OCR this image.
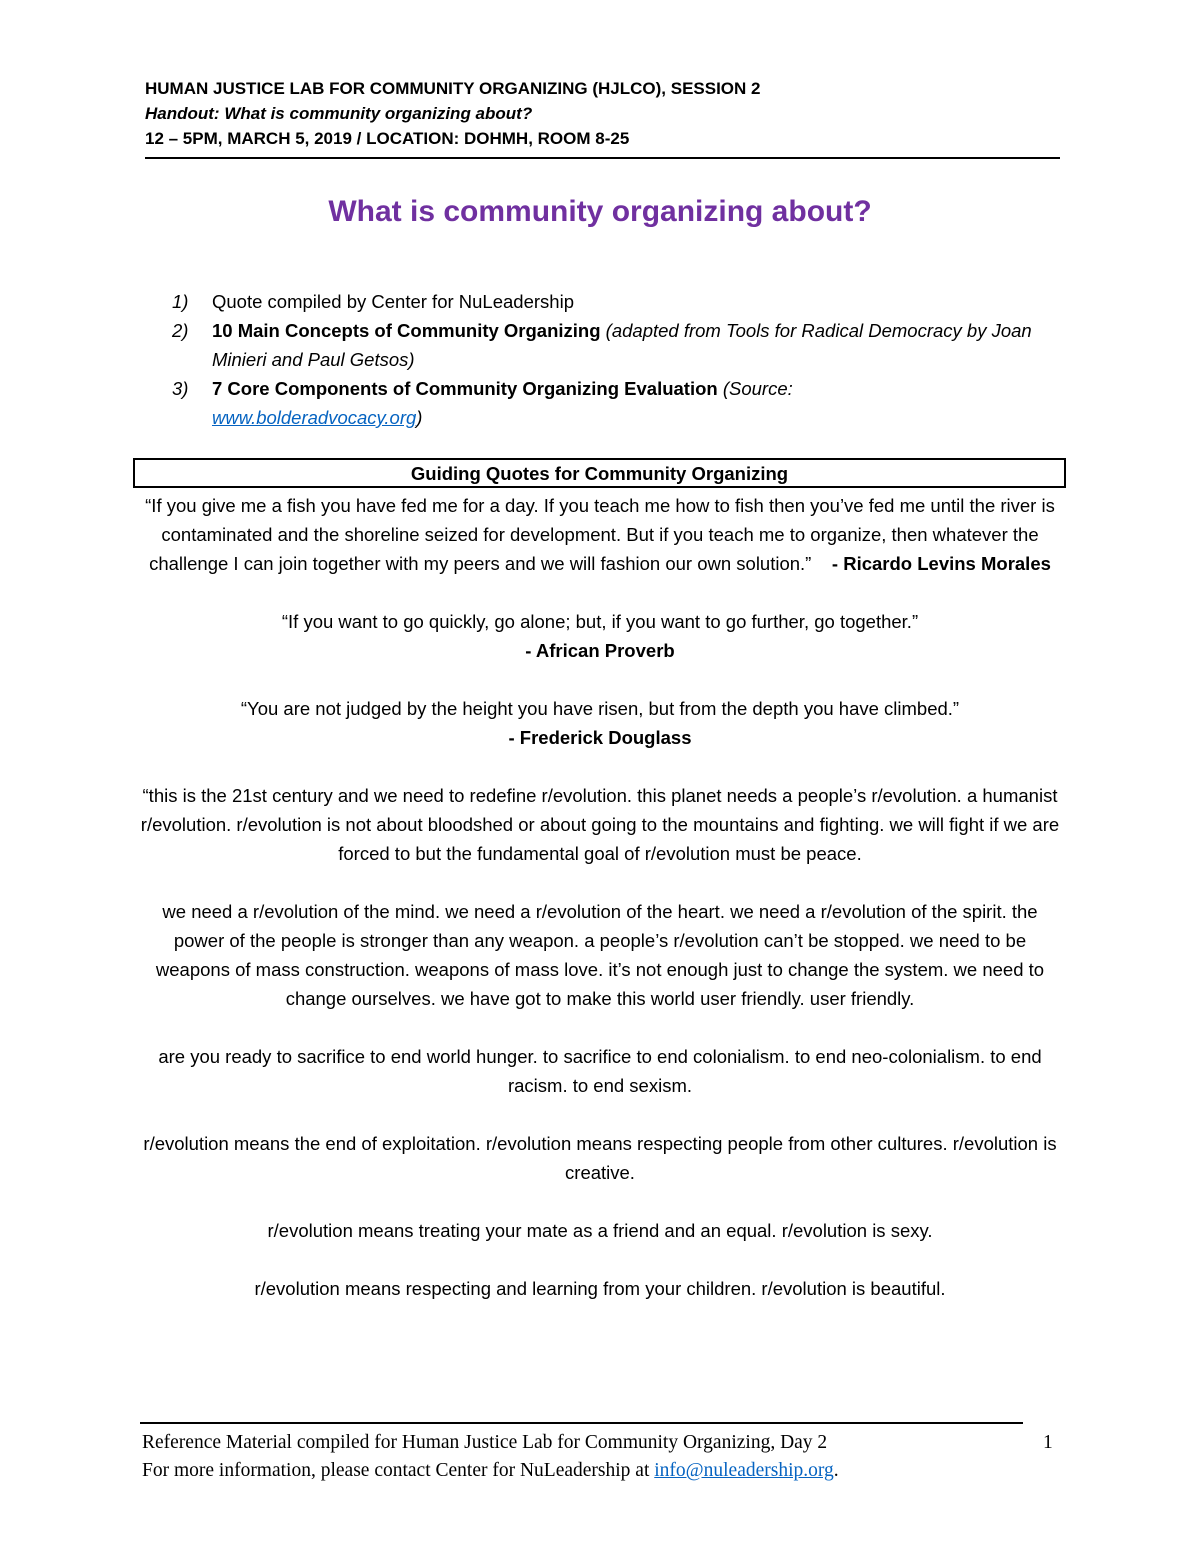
HUMAN JUSTICE LAB FOR COMMUNITY ORGANIZING (HJLCO), SESSION 2
Handout: What is community organizing about?
12 – 5PM, MARCH 5, 2019 / LOCATION: DOHMH, ROOM 8-25
What is community organizing about?
1) Quote compiled by Center for NuLeadership
2) 10 Main Concepts of Community Organizing (adapted from Tools for Radical Democracy by Joan Minieri and Paul Getsos)
3) 7 Core Components of Community Organizing Evaluation (Source:
www.bolderadvocacy.org)
Guiding Quotes for Community Organizing

“If you give me a fish you have fed me for a day. If you teach me how to fish then you’ve fed me until the river is contaminated and the shoreline seized for development. But if you teach me to organize, then whatever the challenge I can join together with my peers and we will fashion our own solution.” - Ricardo Levins Morales

“If you want to go quickly, go alone; but, if you want to go further, go together.”
- African Proverb

“You are not judged by the height you have risen, but from the depth you have climbed.”
- Frederick Douglass

“this is the 21st century and we need to redefine r/evolution. this planet needs a people’s r/evolution. a humanist r/evolution. r/evolution is not about bloodshed or about going to the mountains and fighting. we will fight if we are forced to but the fundamental goal of r/evolution must be peace.

we need a r/evolution of the mind. we need a r/evolution of the heart. we need a r/evolution of the spirit. the power of the people is stronger than any weapon. a people’s r/evolution can’t be stopped. we need to be weapons of mass construction. weapons of mass love. it’s not enough just to change the system. we need to change ourselves. we have got to make this world user friendly. user friendly.

are you ready to sacrifice to end world hunger. to sacrifice to end colonialism. to end neo-colonialism. to end racism. to end sexism.

r/evolution means the end of exploitation. r/evolution means respecting people from other cultures. r/evolution is creative.

r/evolution means treating your mate as a friend and an equal. r/evolution is sexy.

r/evolution means respecting and learning from your children. r/evolution is beautiful.

Reference Material compiled for Human Justice Lab for Community Organizing, Day 2
For more information, please contact Center for NuLeadership at info@nuleadership.org.
1
